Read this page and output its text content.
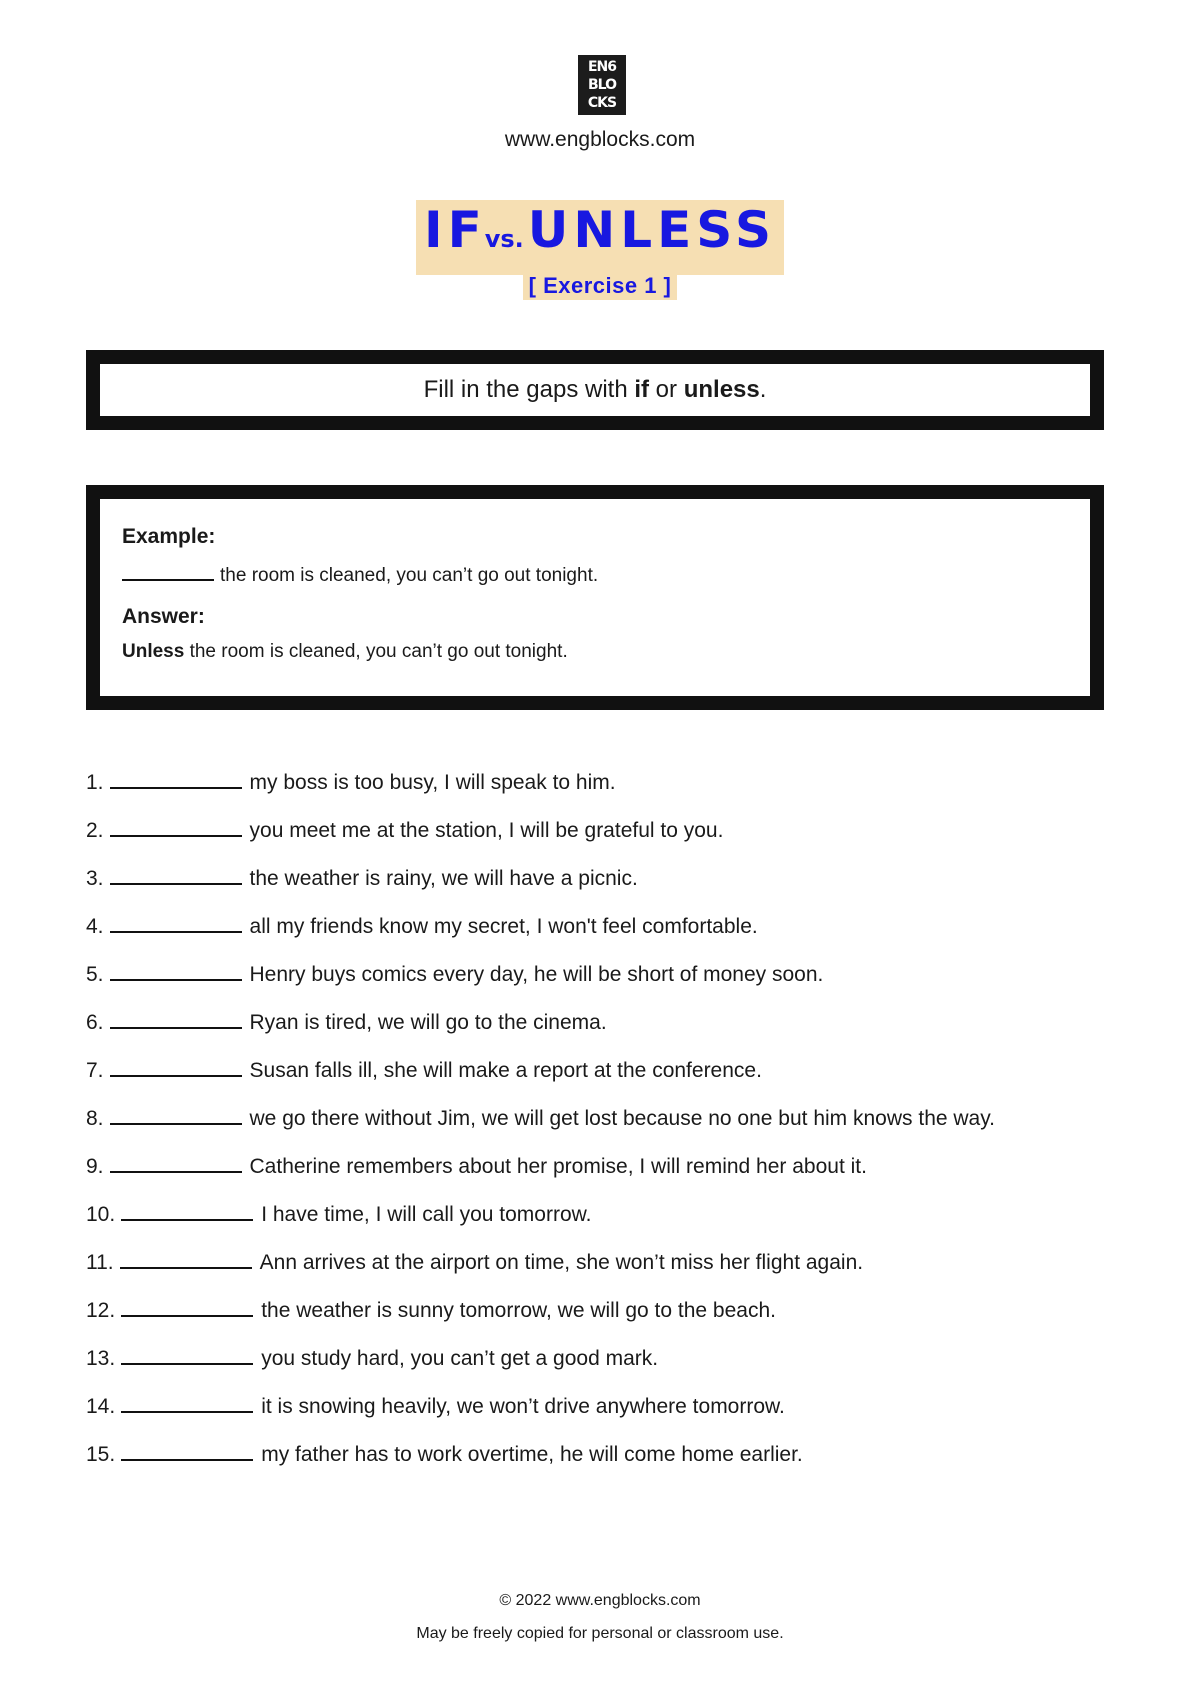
EN6
BLO
CKS
www.engblocks.com
IFvs.UNLESS
[ Exercise 1 ]
Fill in the gaps with if or unless.
Example:
the room is cleaned, you can’t go out tonight.
Answer:
Unless the room is cleaned, you can’t go out tonight.
1.	my boss is too busy, I will speak to him.
2.	you meet me at the station, I will be grateful to you.
3.	the weather is rainy, we will have a picnic.
4.	all my friends know my secret, I won't feel comfortable.
5.	Henry buys comics every day, he will be short of money soon.
6.	Ryan is tired, we will go to the cinema.
7.	Susan falls ill, she will make a report at the conference.
8.	we go there without Jim, we will get lost because no one but him knows the way.
9.	Catherine remembers about her promise, I will remind her about it.
10.	I have time, I will call you tomorrow.
11.	Ann arrives at the airport on time, she won’t miss her flight again.
12.	the weather is sunny tomorrow, we will go to the beach.
13.	you study hard, you can’t get a good mark.
14.	it is snowing heavily, we won’t drive anywhere tomorrow.
15.	my father has to work overtime, he will come home earlier.
© 2022 www.engblocks.com
May be freely copied for personal or classroom use.
